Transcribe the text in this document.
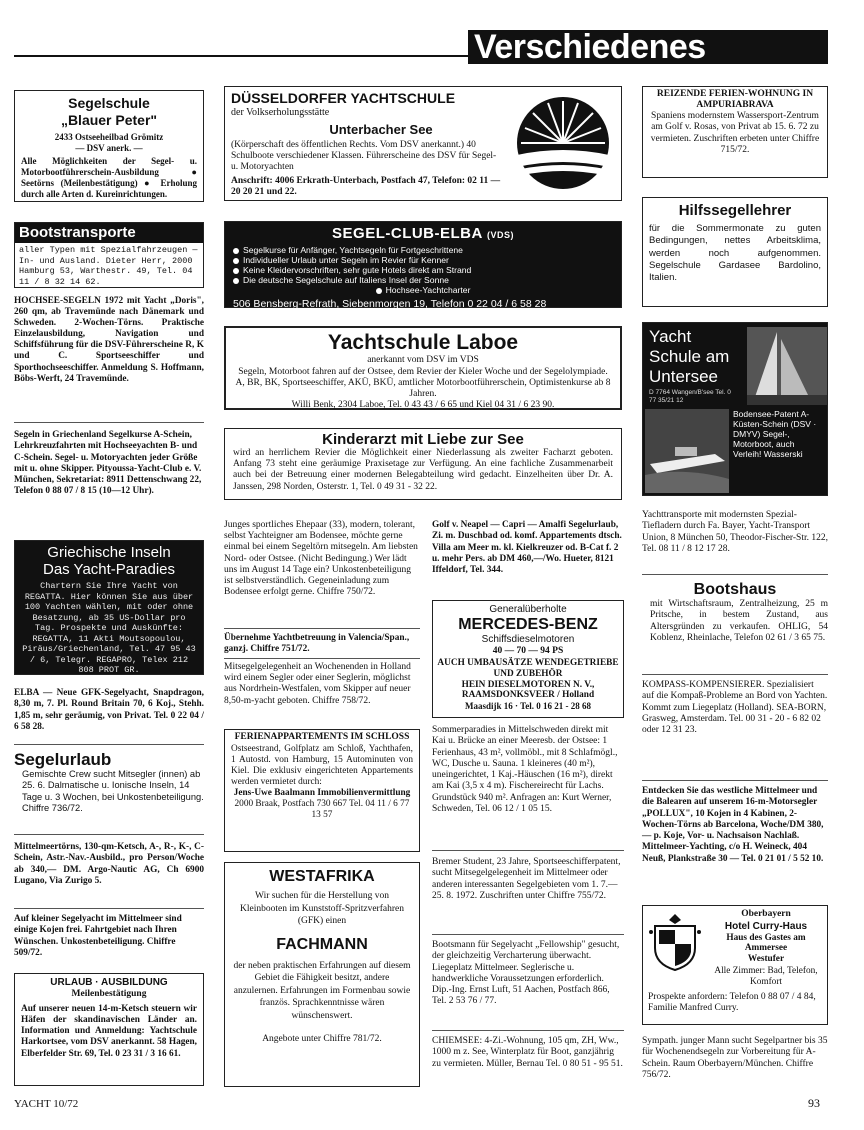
Verschiedenes
Segelschule
„Blauer Peter"
2433 Ostseeheilbad Grömitz
— DSV anerk. —
Alle Möglichkeiten der Segel- u. Motorbootführerschein-Ausbildung ● Seetörns (Meilenbestätigung) ● Erholung durch alle Arten d. Kureinrichtungen.
Bootstransporte
aller Typen mit Spezialfahrzeugen — In- und Ausland. Dieter Herr, 2000 Hamburg 53, Warthestr. 49, Tel. 04 11 / 8 32 14 62.
HOCHSEE-SEGELN 1972 mit Yacht „Doris", 260 qm, ab Travemünde nach Dänemark und Schweden. 2-Wochen-Törns. Praktische Einzelausbildung, Navigation und Schiffsführung für die DSV-Führerscheine R, K und C. Sportseeschiffer und Sporthochseeschiffer. Anmeldung S. Hoffmann, Böbs-Werft, 24 Travemünde.
Segeln in Griechenland Segelkurse A-Schein, Lehrkreuzfahrten mit Hochseeyachten B- und C-Schein. Segel- u. Motoryachten jeder Größe mit u. ohne Skipper. Pityoussa-Yacht-Club e. V. München, Sekretariat: 8911 Dettenschwang 22, Telefon 0 88 07 / 8 15 (10—12 Uhr).
Griechische Inseln
Das Yacht-Paradies
Chartern Sie Ihre Yacht von REGATTA. Hier können Sie aus über 100 Yachten wählen, mit oder ohne Besatzung, ab 35 US-Dollar pro Tag. Prospekte und Auskünfte: REGATTA, 11 Akti Moutsopoulou, Piräus/Griechenland, Tel. 47 95 43 / 6, Telegr. REGAPRO, Telex 212 808 PROT GR.
ELBA — Neue GFK-Segelyacht, Snapdragon, 8,30 m, 7. Pl. Round Britain 70, 6 Koj., Stehh. 1,85 m, sehr geräumig, von Privat. Tel. 0 22 04 / 6 58 28.
Segelurlaub
Gemischte Crew sucht Mitsegler (innen) ab 25. 6. Dalmatische u. Ionische Inseln, 14 Tage u. 3 Wochen, bei Unkostenbeteiligung. Chiffre 736/72.
Mittelmeertörns, 130-qm-Ketsch, A-, R-, K-, C-Schein, Astr.-Nav.-Ausbild., pro Person/Woche ab 340,— DM. Argo-Nautic AG, Ch 6900 Lugano, Via Zurigo 5.
Auf kleiner Segelyacht im Mittelmeer sind einige Kojen frei. Fahrtgebiet nach Ihren Wünschen. Unkostenbeteiligung. Chiffre 509/72.
URLAUB · AUSBILDUNG
Meilenbestätigung
Auf unserer neuen 14-m-Ketsch steuern wir Häfen der skandinavischen Länder an. Information und Anmeldung: Yachtschule Harkortsee, vom DSV anerkannt. 58 Hagen, Elberfelder Str. 69, Tel. 0 23 31 / 3 16 61.
DÜSSELDORFER YACHTSCHULE
der Volkserholungsstätte
Unterbacher See
(Körperschaft des öffentlichen Rechts. Vom DSV anerkannt.) 40 Schulboote verschiedener Klassen. Führerscheine des DSV für Segel- u. Motoryachten
Anschrift: 4006 Erkrath-Unterbach, Postfach 47, Telefon: 02 11 — 20 20 21 und 22.
SEGEL-CLUB-ELBA (VDS)
Segelkurse für Anfänger, Yachtsegeln für Fortgeschrittene
Individueller Urlaub unter Segeln im Revier für Kenner
Keine Kleidervorschriften, sehr gute Hotels direkt am Strand
Die deutsche Segelschule auf Italiens Insel der Sonne
Hochsee-Yachtcharter
506 Bensberg-Refrath, Siebenmorgen 19, Telefon 0 22 04 / 6 58 28
Yachtschule Laboe
anerkannt vom DSV im VDS
Segeln, Motorboot fahren auf der Ostsee, dem Revier der Kieler Woche und der Segelolympiade. A, BR, BK, Sportseeschiffer, AKÜ, BKÜ, amtlicher Motorbootführerschein, Optimistenkurse ab 8 Jahren.
Willi Benk, 2304 Laboe, Tel. 0 43 43 / 6 65 und Kiel 04 31 / 6 23 90.
Kinderarzt mit Liebe zur See
wird an herrlichem Revier die Möglichkeit einer Niederlassung als zweiter Facharzt geboten. Anfang 73 steht eine geräumige Praxisetage zur Verfügung. An eine fachliche Zusammenarbeit auch bei der Betreuung einer modernen Belegabteilung wird gedacht. Einzelheiten über Dr. A. Janssen, 298 Norden, Osterstr. 1, Tel. 0 49 31 - 32 22.
Junges sportliches Ehepaar (33), modern, tolerant, selbst Yachteigner am Bodensee, möchte gerne einmal bei einem Segeltörn mitsegeln. Am liebsten Nord- oder Ostsee. (Nicht Bedingung.) Wer lädt uns im August 14 Tage ein? Unkostenbeteiligung ist selbstverständlich. Gegeneinladung zum Bodensee erfolgt gerne. Chiffre 750/72.
Übernehme Yachtbetreuung in Valencia/Span., ganzj. Chiffre 751/72.
Mitsegelgelegenheit an Wochenenden in Holland wird einem Segler oder einer Seglerin, möglichst aus Nordrhein-Westfalen, vom Skipper auf neuer 8,50-m-yacht geboten. Chiffre 758/72.
FERIENAPPARTEMENTS IM SCHLOSS
Ostseestrand, Golfplatz am Schloß, Yachthafen, 1 Autostd. von Hamburg, 15 Autominuten von Kiel. Die exklusiv eingerichteten Appartements werden vermietet durch:
Jens-Uwe Baalmann Immobilienvermittlung
2000 Braak, Postfach 730 667 Tel. 04 11 / 6 77 13 57
WESTAFRIKA
Wir suchen für die Herstellung von Kleinbooten im Kunststoff-Spritzverfahren (GFK) einen
FACHMANN
der neben praktischen Erfahrungen auf diesem Gebiet die Fähigkeit besitzt, andere anzulernen. Erfahrungen im Formenbau sowie französ. Sprachkenntnisse wären wünschenswert.
Angebote unter Chiffre 781/72.
Golf v. Neapel — Capri — Amalfi Segelurlaub, Zi. m. Duschbad od. komf. Appartements dtsch. Villa am Meer m. kl. Kielkreuzer od. B-Cat f. 2 u. mehr Pers. ab DM 460,—/Wo. Hueter, 8121 Iffeldorf, Tel. 344.
Generalüberholte
MERCEDES-BENZ
Schiffsdieselmotoren
40 — 70 — 94 PS
AUCH UMBAUSÄTZE WENDEGETRIEBE UND ZUBEHÖR
HEIN DIESELMOTOREN N. V., RAAMSDONKSVEER / Holland
Maasdijk 16 · Tel. 0 16 21 - 28 68
Sommerparadies in Mittelschweden direkt mit Kai u. Brücke an einer Meeresb. der Ostsee: 1 Ferienhaus, 43 m², vollmöbl., mit 8 Schlafmögl., WC, Dusche u. Sauna. 1 kleineres (40 m²), uneingerichtet, 1 Kaj.-Häuschen (16 m²), direkt am Kai (3,5 x 4 m). Fischereirecht für Lachs. Grundstück 940 m². Anfragen an: Kurt Werner, Schweden, Tel. 06 12 / 1 05 15.
Bremer Student, 23 Jahre, Sportseeschifferpatent, sucht Mitsegelgelegenheit im Mittelmeer oder anderen interessanten Segelgebieten vom 1. 7.— 25. 8. 1972. Zuschriften unter Chiffre 755/72.
Bootsmann für Segelyacht „Fellowship" gesucht, der gleichzeitig Vercharterung überwacht. Liegeplatz Mittelmeer. Seglerische u. handwerkliche Voraussetzungen erforderlich. Dip.-Ing. Ernst Luft, 51 Aachen, Postfach 866, Tel. 2 53 76 / 77.
CHIEMSEE: 4-Zi.-Wohnung, 105 qm, ZH, Ww., 1000 m z. See, Winterplatz für Boot, ganzjährig zu vermieten. Müller, Bernau Tel. 0 80 51 - 95 51.
REIZENDE FERIEN-WOHNUNG IN AMPURIABRAVA
Spaniens modernstem Wassersport-Zentrum am Golf v. Rosas, von Privat ab 15. 6. 72 zu vermieten. Zuschriften erbeten unter Chiffre 715/72.
Hilfssegellehrer
für die Sommermonate zu guten Bedingungen, nettes Arbeitsklima, werden noch aufgenommen. Segelschule Gardasee Bardolino, Italien.
Yacht
Schule am
Untersee
D 7764 Wangen/B'see Tel. 0 77 35/21 12
Bodensee-Patent A-Küsten-Schein (DSV · DMYV) Segel-, Motorboot, auch Verleih! Wasserski
Yachttransporte mit modernsten Spezial-Tiefladern durch Fa. Bayer, Yacht-Transport Union, 8 München 50, Theodor-Fischer-Str. 122, Tel. 08 11 / 8 12 17 28.
Bootshaus
mit Wirtschaftsraum, Zentralheizung, 25 m Pritsche, in bestem Zustand, aus Altersgründen zu verkaufen. OHLIG, 54 Koblenz, Rheinlache, Telefon 02 61 / 3 65 75.
KOMPASS-KOMPENSIERER. Spezialisiert auf die Kompaß-Probleme an Bord von Yachten. Kommt zum Liegeplatz (Holland). SEA-BORN, Grasweg, Amsterdam. Tel. 00 31 - 20 - 6 82 02 oder 12 31 23.
Entdecken Sie das westliche Mittelmeer und die Balearen auf unserem 16-m-Motorsegler „POLLUX", 10 Kojen in 4 Kabinen, 2-Wochen-Törns ab Barcelona, Woche/DM 380,— p. Koje, Vor- u. Nachsaison Nachlaß. Mittelmeer-Yachting, c/o H. Weineck, 404 Neuß, Plankstraße 30 — Tel. 0 21 01 / 5 52 10.
Oberbayern
Hotel Curry-Haus
Haus des Gastes am Ammersee
Westufer
Alle Zimmer: Bad, Telefon, Komfort
Prospekte anfordern: Telefon 0 88 07 / 4 84, Familie Manfred Curry.
Sympath. junger Mann sucht Segelpartner bis 35 für Wochenendsegeln zur Vorbereitung für A-Schein. Raum Oberbayern/München. Chiffre 756/72.
YACHT 10/72	93
